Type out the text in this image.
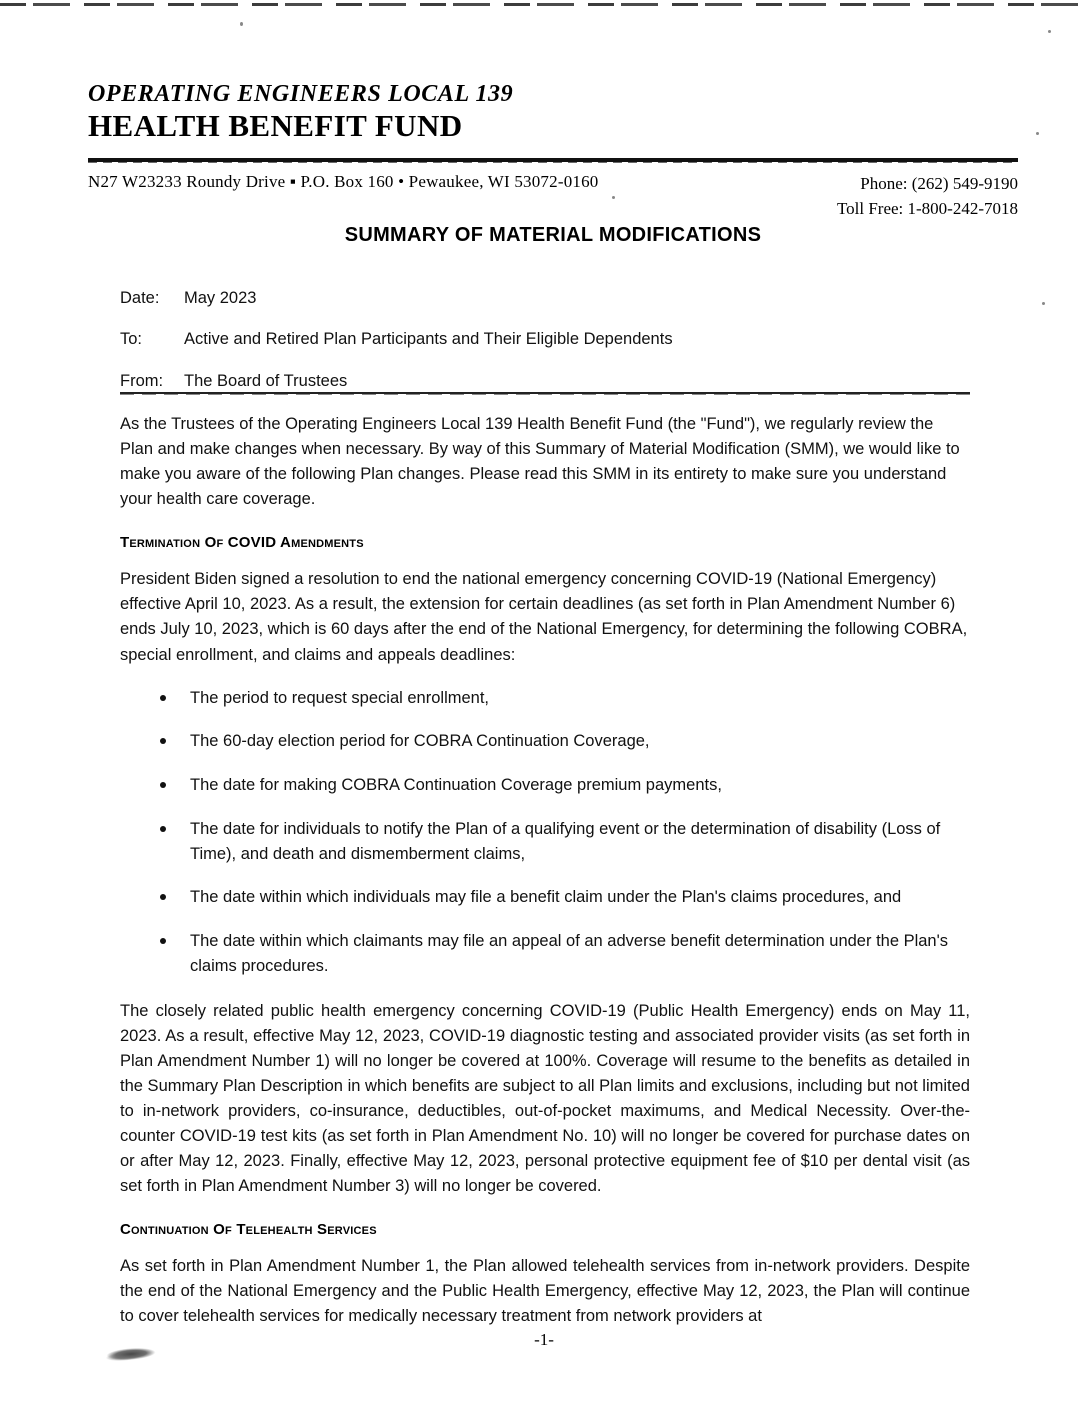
OPERATING ENGINEERS LOCAL 139
HEALTH BENEFIT FUND
N27 W23233 Roundy Drive ▪ P.O. Box 160 • Pewaukee, WI 53072-0160	Phone: (262) 549-9190
Toll Free: 1-800-242-7018
SUMMARY OF MATERIAL MODIFICATIONS
Date:	May 2023
To:	Active and Retired Plan Participants and Their Eligible Dependents
From:	The Board of Trustees

As the Trustees of the Operating Engineers Local 139 Health Benefit Fund (the "Fund"), we regularly review the Plan and make changes when necessary. By way of this Summary of Material Modification (SMM), we would like to make you aware of the following Plan changes. Please read this SMM in its entirety to make sure you understand your health care coverage.

Termination Of COVID Amendments

President Biden signed a resolution to end the national emergency concerning COVID-19 (National Emergency) effective April 10, 2023. As a result, the extension for certain deadlines (as set forth in Plan Amendment Number 6) ends July 10, 2023, which is 60 days after the end of the National Emergency, for determining the following COBRA, special enrollment, and claims and appeals deadlines:

The period to request special enrollment,
The 60-day election period for COBRA Continuation Coverage,
The date for making COBRA Continuation Coverage premium payments,
The date for individuals to notify the Plan of a qualifying event or the determination of disability (Loss of Time), and death and dismemberment claims,
The date within which individuals may file a benefit claim under the Plan's claims procedures, and
The date within which claimants may file an appeal of an adverse benefit determination under the Plan's claims procedures.

The closely related public health emergency concerning COVID-19 (Public Health Emergency) ends on May 11, 2023. As a result, effective May 12, 2023, COVID-19 diagnostic testing and associated provider visits (as set forth in Plan Amendment Number 1) will no longer be covered at 100%. Coverage will resume to the benefits as detailed in the Summary Plan Description in which benefits are subject to all Plan limits and exclusions, including but not limited to in-network providers, co-insurance, deductibles, out-of-pocket maximums, and Medical Necessity. Over-the-counter COVID-19 test kits (as set forth in Plan Amendment No. 10) will no longer be covered for purchase dates on or after May 12, 2023. Finally, effective May 12, 2023, personal protective equipment fee of $10 per dental visit (as set forth in Plan Amendment Number 3) will no longer be covered.

Continuation Of Telehealth Services

As set forth in Plan Amendment Number 1, the Plan allowed telehealth services from in-network providers. Despite the end of the National Emergency and the Public Health Emergency, effective May 12, 2023, the Plan will continue to cover telehealth services for medically necessary treatment from network providers at

-1-
